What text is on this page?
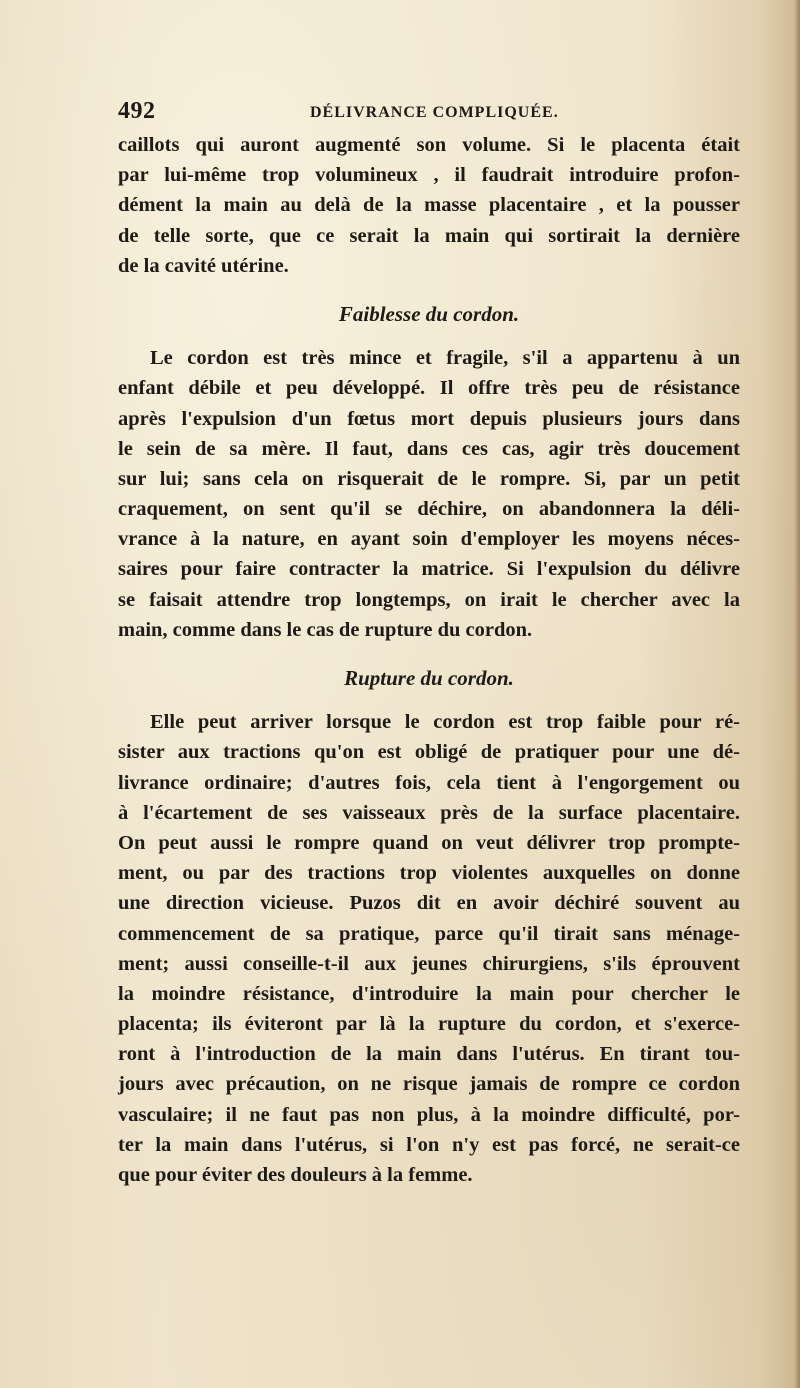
492	DÉLIVRANCE COMPLIQUÉE.
caillots qui auront augmenté son volume. Si le placenta était
par lui-même trop volumineux , il faudrait introduire profon-
dément la main au delà de la masse placentaire , et la pousser
de telle sorte, que ce serait la main qui sortirait la dernière
de la cavité utérine.
Faiblesse du cordon.
Le cordon est très mince et fragile, s'il a appartenu à un
enfant débile et peu développé. Il offre très peu de résistance
après l'expulsion d'un fœtus mort depuis plusieurs jours dans
le sein de sa mère. Il faut, dans ces cas, agir très doucement
sur lui; sans cela on risquerait de le rompre. Si, par un petit
craquement, on sent qu'il se déchire, on abandonnera la déli-
vrance à la nature, en ayant soin d'employer les moyens néces-
saires pour faire contracter la matrice. Si l'expulsion du délivre
se faisait attendre trop longtemps, on irait le chercher avec la
main, comme dans le cas de rupture du cordon.
Rupture du cordon.
Elle peut arriver lorsque le cordon est trop faible pour ré-
sister aux tractions qu'on est obligé de pratiquer pour une dé-
livrance ordinaire; d'autres fois, cela tient à l'engorgement ou
à l'écartement de ses vaisseaux près de la surface placentaire.
On peut aussi le rompre quand on veut délivrer trop prompte-
ment, ou par des tractions trop violentes auxquelles on donne
une direction vicieuse. Puzos dit en avoir déchiré souvent au
commencement de sa pratique, parce qu'il tirait sans ménage-
ment; aussi conseille-t-il aux jeunes chirurgiens, s'ils éprouvent
la moindre résistance, d'introduire la main pour chercher le
placenta; ils éviteront par là la rupture du cordon, et s'exerce-
ront à l'introduction de la main dans l'utérus. En tirant tou-
jours avec précaution, on ne risque jamais de rompre ce cordon
vasculaire; il ne faut pas non plus, à la moindre difficulté, por-
ter la main dans l'utérus, si l'on n'y est pas forcé, ne serait-ce
que pour éviter des douleurs à la femme.
